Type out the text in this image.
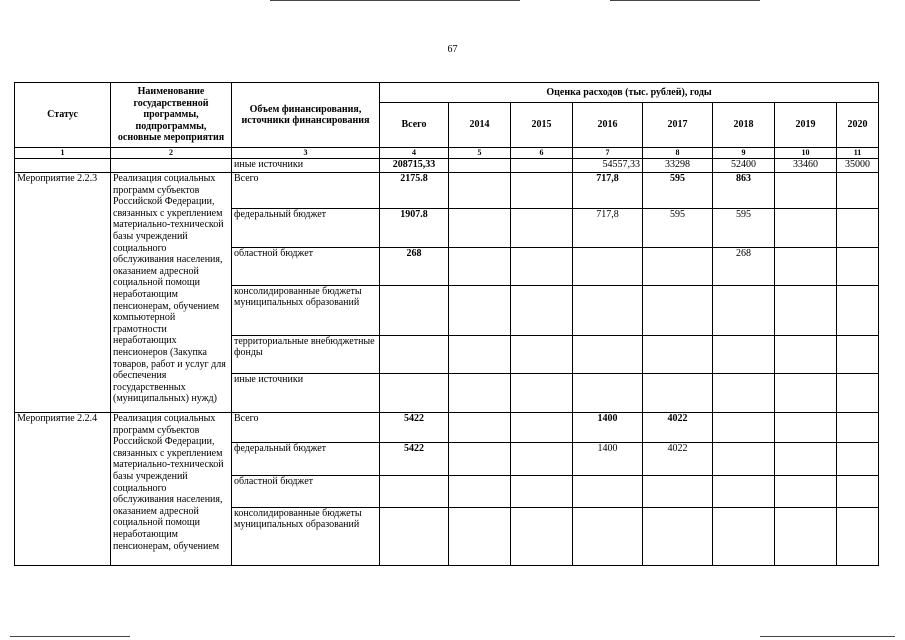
67
Статус	Наименование государственной программы, подпрограммы, основные мероприятия	Объем финансирования, источники финансирования	Оценка расходов (тыс. рублей), годы							
			Всего	2014	2015	2016	2017	2018	2019	2020
1	2	3	4	5	6	7	8	9	10	11
		иные источники	208715,33			54557,33	33298	52400	33460	35000
Мероприятие 2.2.3	Реализация социальных программ субъектов Российской Федерации, связанных с укреплением материально-технической базы учреждений социального обслуживания населения, оказанием адресной социальной помощи неработающим пенсионерам, обучением компьютерной грамотности неработающих пенсионеров (Закупка товаров, работ и услуг для обеспечения государственных (муниципальных) нужд)	Всего	2175.8			717,8	595	863		
		федеральный бюджет	1907.8			717,8	595	595		
		областной бюджет	268					268		
		консолидированные бюджеты муниципальных образований								
		территориальные внебюджетные фонды								
		иные источники								
Мероприятие 2.2.4	Реализация социальных программ субъектов Российской Федерации, связанных с укреплением материально-технической базы учреждений социального обслуживания населения, оказанием адресной социальной помощи неработающим пенсионерам, обучением	Всего	5422			1400	4022			
		федеральный бюджет	5422			1400	4022			
		областной бюджет								
		консолидированные бюджеты муниципальных образований								
